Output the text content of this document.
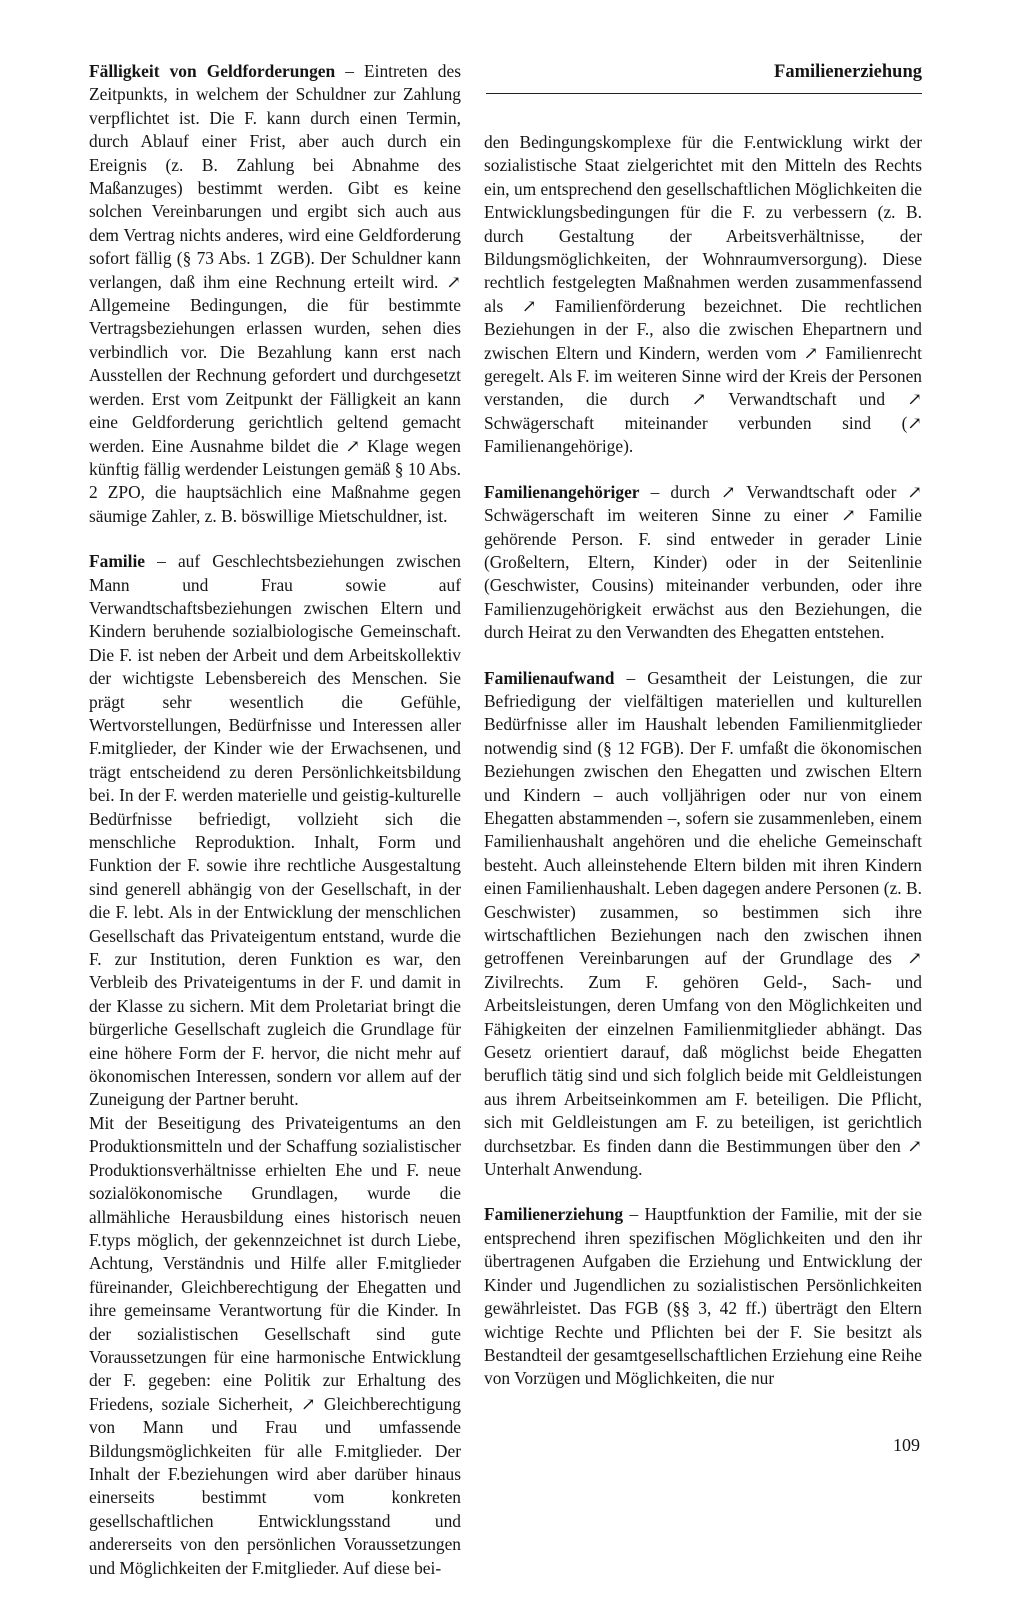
Familienerziehung
Fälligkeit von Geldforderungen – Eintreten des Zeitpunkts, in welchem der Schuldner zur Zahlung verpflichtet ist. Die F. kann durch einen Termin, durch Ablauf einer Frist, aber auch durch ein Ereignis (z. B. Zahlung bei Abnahme des Maßanzuges) bestimmt werden. Gibt es keine solchen Vereinbarungen und ergibt sich auch aus dem Vertrag nichts anderes, wird eine Geldforderung sofort fällig (§ 73 Abs. 1 ZGB). Der Schuldner kann verlangen, daß ihm eine Rechnung erteilt wird. ↗ Allgemeine Bedingungen, die für bestimmte Vertragsbeziehungen erlassen wurden, sehen dies verbindlich vor. Die Bezahlung kann erst nach Ausstellen der Rechnung gefordert und durchgesetzt werden. Erst vom Zeitpunkt der Fälligkeit an kann eine Geldforderung gerichtlich geltend gemacht werden. Eine Ausnahme bildet die ↗ Klage wegen künftig fällig werdender Leistungen gemäß § 10 Abs. 2 ZPO, die hauptsächlich eine Maßnahme gegen säumige Zahler, z. B. böswillige Mietschuldner, ist.
Familie – auf Geschlechtsbeziehungen zwischen Mann und Frau sowie auf Verwandtschaftsbeziehungen zwischen Eltern und Kindern beruhende sozialbiologische Gemeinschaft. Die F. ist neben der Arbeit und dem Arbeitskollektiv der wichtigste Lebensbereich des Menschen. Sie prägt sehr wesentlich die Gefühle, Wertvorstellungen, Bedürfnisse und Interessen aller F.mitglieder, der Kinder wie der Erwachsenen, und trägt entscheidend zu deren Persönlichkeitsbildung bei. In der F. werden materielle und geistig-kulturelle Bedürfnisse befriedigt, vollzieht sich die menschliche Reproduktion. Inhalt, Form und Funktion der F. sowie ihre rechtliche Ausgestaltung sind generell abhängig von der Gesellschaft, in der die F. lebt. Als in der Entwicklung der menschlichen Gesellschaft das Privateigentum entstand, wurde die F. zur Institution, deren Funktion es war, den Verbleib des Privateigentums in der F. und damit in der Klasse zu sichern. Mit dem Proletariat bringt die bürgerliche Gesellschaft zugleich die Grundlage für eine höhere Form der F. hervor, die nicht mehr auf ökonomischen Interessen, sondern vor allem auf der Zuneigung der Partner beruht.

Mit der Beseitigung des Privateigentums an den Produktionsmitteln und der Schaffung sozialistischer Produktionsverhältnisse erhielten Ehe und F. neue sozialökonomische Grundlagen, wurde die allmähliche Herausbildung eines historisch neuen F.typs möglich, der gekennzeichnet ist durch Liebe, Achtung, Verständnis und Hilfe aller F.mitglieder füreinander, Gleichberechtigung der Ehegatten und ihre gemeinsame Verantwortung für die Kinder. In der sozialistischen Gesellschaft sind gute Voraussetzungen für eine harmonische Entwicklung der F. gegeben: eine Politik zur Erhaltung des Friedens, soziale Sicherheit, ↗ Gleichberechtigung von Mann und Frau und umfassende Bildungsmöglichkeiten für alle F.mitglieder. Der Inhalt der F.beziehungen wird aber darüber hinaus einerseits bestimmt vom konkreten gesellschaftlichen Entwicklungsstand und andererseits von den persönlichen Voraussetzungen und Möglichkeiten der F.mitglieder. Auf diese bei-

den Bedingungskomplexe für die F.entwicklung wirkt der sozialistische Staat zielgerichtet mit den Mitteln des Rechts ein, um entsprechend den gesellschaftlichen Möglichkeiten die Entwicklungsbedingungen für die F. zu verbessern (z. B. durch Gestaltung der Arbeitsverhältnisse, der Bildungsmöglichkeiten, der Wohnraumversorgung). Diese rechtlich festgelegten Maßnahmen werden zusammenfassend als ↗ Familienförderung bezeichnet. Die rechtlichen Beziehungen in der F., also die zwischen Ehepartnern und zwischen Eltern und Kindern, werden vom ↗ Familienrecht geregelt. Als F. im weiteren Sinne wird der Kreis der Personen verstanden, die durch ↗ Verwandtschaft und ↗ Schwägerschaft miteinander verbunden sind (↗ Familienangehörige).
Familienangehöriger – durch ↗ Verwandtschaft oder ↗ Schwägerschaft im weiteren Sinne zu einer ↗ Familie gehörende Person. F. sind entweder in gerader Linie (Großeltern, Eltern, Kinder) oder in der Seitenlinie (Geschwister, Cousins) miteinander verbunden, oder ihre Familienzugehörigkeit erwächst aus den Beziehungen, die durch Heirat zu den Verwandten des Ehegatten entstehen.
Familienaufwand – Gesamtheit der Leistungen, die zur Befriedigung der vielfältigen materiellen und kulturellen Bedürfnisse aller im Haushalt lebenden Familienmitglieder notwendig sind (§ 12 FGB). Der F. umfaßt die ökonomischen Beziehungen zwischen den Ehegatten und zwischen Eltern und Kindern – auch volljährigen oder nur von einem Ehegatten abstammenden –, sofern sie zusammenleben, einem Familienhaushalt angehören und die eheliche Gemeinschaft besteht. Auch alleinstehende Eltern bilden mit ihren Kindern einen Familienhaushalt. Leben dagegen andere Personen (z. B. Geschwister) zusammen, so bestimmen sich ihre wirtschaftlichen Beziehungen nach den zwischen ihnen getroffenen Vereinbarungen auf der Grundlage des ↗ Zivilrechts. Zum F. gehören Geld-, Sach- und Arbeitsleistungen, deren Umfang von den Möglichkeiten und Fähigkeiten der einzelnen Familienmitglieder abhängt. Das Gesetz orientiert darauf, daß möglichst beide Ehegatten beruflich tätig sind und sich folglich beide mit Geldleistungen aus ihrem Arbeitseinkommen am F. beteiligen. Die Pflicht, sich mit Geldleistungen am F. zu beteiligen, ist gerichtlich durchsetzbar. Es finden dann die Bestimmungen über den ↗ Unterhalt Anwendung.
Familienerziehung – Hauptfunktion der Familie, mit der sie entsprechend ihren spezifischen Möglichkeiten und den ihr übertragenen Aufgaben die Erziehung und Entwicklung der Kinder und Jugendlichen zu sozialistischen Persönlichkeiten gewährleistet. Das FGB (§§ 3, 42 ff.) überträgt den Eltern wichtige Rechte und Pflichten bei der F. Sie besitzt als Bestandteil der gesamtgesellschaftlichen Erziehung eine Reihe von Vorzügen und Möglichkeiten, die nur
109
